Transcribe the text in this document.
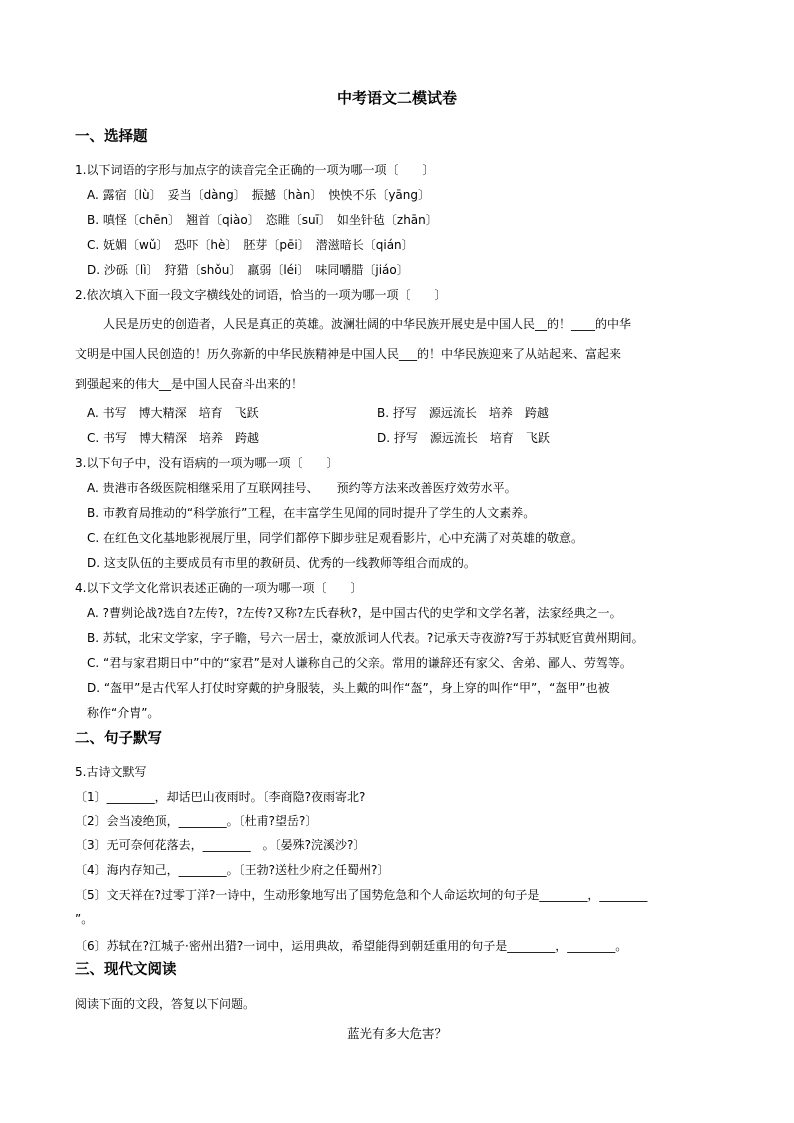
中考语文二模试卷
一、选择题
1.以下词语的字形与加点字的读音完全正确的一项为哪一项〔　　〕
A. 露宿〔lù〕　妥当〔dàng〕　振撼〔hàn〕　怏怏不乐〔yāng〕
B. 嗔怪〔chēn〕　翘首〔qiào〕　恣睢〔suī〕　如坐针毡〔zhān〕
C. 妩媚〔wǔ〕　恐吓〔hè〕　胚芽〔pēi〕　潜滋暗长〔qián〕
D. 沙砾〔lì〕　狩猎〔shǒu〕　羸弱〔léi〕　味同嚼腊〔jiáo〕
2.依次填入下面一段文字横线处的词语，恰当的一项为哪一项〔　　〕
人民是历史的创造者，人民是真正的英雄。波澜壮阔的中华民族开展史是中国人民__的！____的中华
文明是中国人民创造的！历久弥新的中华民族精神是中国人民___的！中华民族迎来了从站起来、富起来
到强起来的伟大__是中国人民奋斗出来的！
A. 书写　博大精深　培育　飞跃	B. 抒写　源远流长　培养　跨越
C. 书写　博大精深　培养　跨越	D. 抒写　源远流长　培育　飞跃
3.以下句子中，没有语病的一项为哪一项〔　　〕
A. 贵港市各级医院相继采用了互联网挂号、　　预约等方法来改善医疗效劳水平。
B. 市教育局推动的“科学旅行”工程，在丰富学生见闻的同时提升了学生的人文素养。
C. 在红色文化基地影视展厅里，同学们都停下脚步驻足观看影片，心中充满了对英雄的敬意。
D. 这支队伍的主要成员有市里的教研员、优秀的一线教师等组合而成的。
4.以下文学文化常识表述正确的一项为哪一项〔　　〕
A. ?曹刿论战?选自?左传?，?左传?又称?左氏春秋?，是中国古代的史学和文学名著，法家经典之一。
B. 苏轼，北宋文学家，字子瞻，号六一居士，豪放派词人代表。?记承天寺夜游?写于苏轼贬官黄州期间。
C. “君与家君期日中”中的“家君”是对人谦称自己的父亲。常用的谦辞还有家父、舍弟、鄙人、劳驾等。
D. “盔甲”是古代军人打仗时穿戴的护身服装，头上戴的叫作“盔”，身上穿的叫作“甲”，“盔甲”也被
称作“介胄”。
二、句子默写
5.古诗文默写
〔1〕________，却话巴山夜雨时。〔李商隐?夜雨寄北?
〔2〕会当凌绝顶，________。〔杜甫?望岳?〕
〔3〕无可奈何花落去，________　。〔晏殊?浣溪沙?〕
〔4〕海内存知己，________。〔王勃?送杜少府之任蜀州?〕
〔5〕文天祥在?过零丁洋?一诗中，生动形象地写出了国势危急和个人命运坎坷的句子是________，________
”。
〔6〕苏轼在?江城子·密州出猎?一词中，运用典故，希望能得到朝廷重用的句子是________，________。
三、现代文阅读
阅读下面的文段，答复以下问题。
蓝光有多大危害？
